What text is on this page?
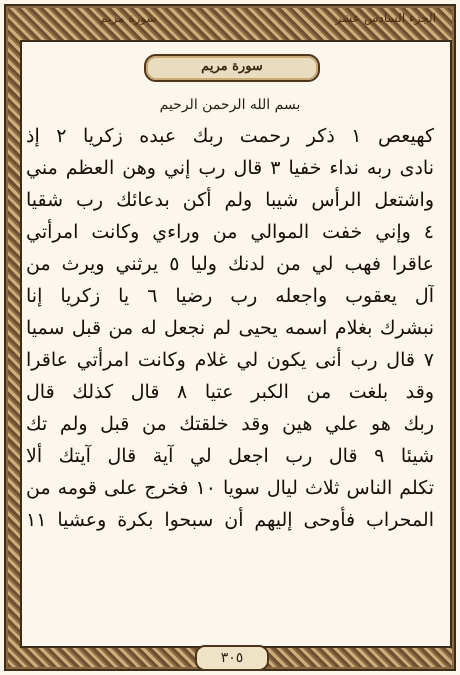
الجزء السادس عشر
سورة مريم
سورة مريم
بسم الله الرحمن الرحيم
كهيعص ١ ذكر رحمت ربك عبده زكريا ٢ إذ
نادى ربه نداء خفيا ٣ قال رب إني وهن العظم مني
واشتعل الرأس شيبا ولم أكن بدعائك رب شقيا
٤ وإني خفت الموالي من وراءي وكانت امرأتي
عاقرا فهب لي من لدنك وليا ٥ يرثني ويرث من
آل يعقوب واجعله رب رضيا ٦ يا زكريا إنا
نبشرك بغلام اسمه يحيى لم نجعل له من قبل سميا
٧ قال رب أنى يكون لي غلام وكانت امرأتي عاقرا
وقد بلغت من الكبر عتيا ٨ قال كذلك قال
ربك هو علي هين وقد خلقتك من قبل ولم تك
شيئا ٩ قال رب اجعل لي آية قال آيتك ألا
تكلم الناس ثلاث ليال سويا ١٠ فخرج على قومه من
المحراب فأوحى إليهم أن سبحوا بكرة وعشيا ١١
٣٠٥
